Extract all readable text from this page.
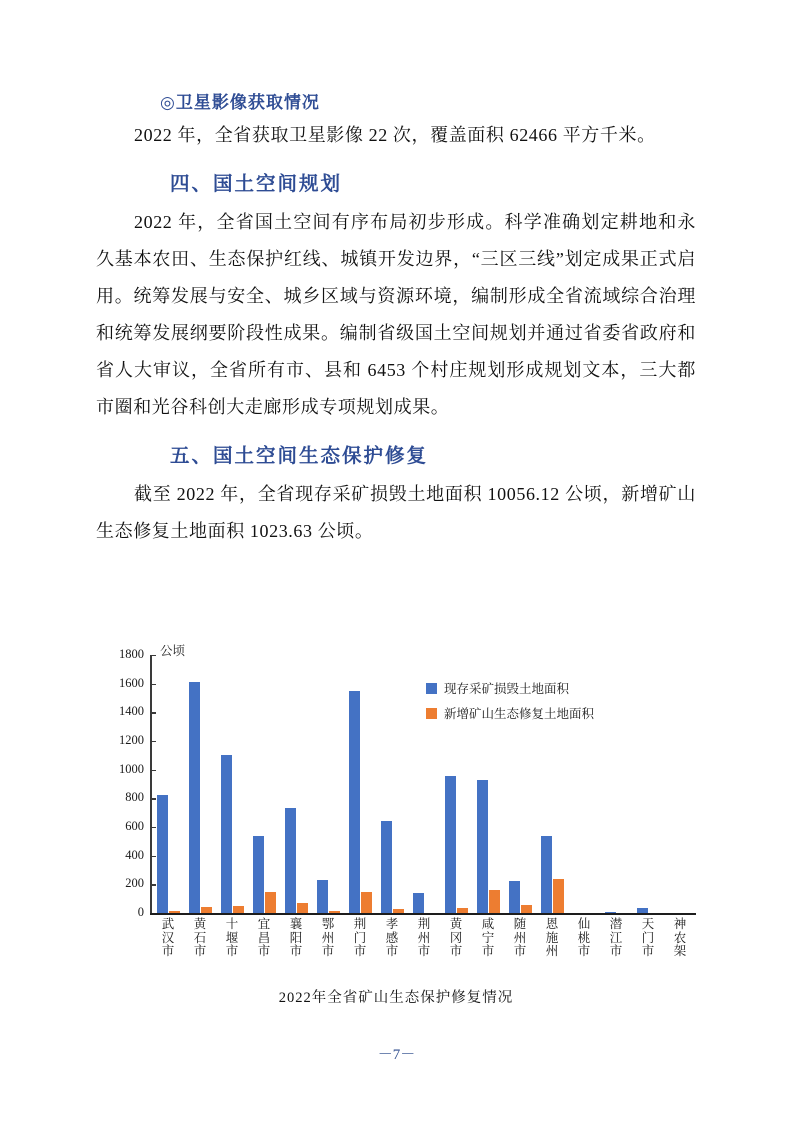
◎卫星影像获取情况

2022 年，全省获取卫星影像 22 次，覆盖面积 62466 平方千米。

四、国土空间规划

2022 年，全省国土空间有序布局初步形成。科学准确划定耕地和永久基本农田、生态保护红线、城镇开发边界，“三区三线”划定成果正式启用。统筹发展与安全、城乡区域与资源环境，编制形成全省流域综合治理和统筹发展纲要阶段性成果。编制省级国土空间规划并通过省委省政府和省人大审议，全省所有市、县和 6453 个村庄规划形成规划文本，三大都市圈和光谷科创大走廊形成专项规划成果。

五、国土空间生态保护修复

截至 2022 年，全省现存采矿损毁土地面积 10056.12 公顷，新增矿山生态修复土地面积 1023.63 公顷。

公顷
0
200
400
600
800
1000
1200
1400
1600
1800
现存采矿损毁土地面积
新增矿山生态修复土地面积
武
汉
市
黄
石
市
十
堰
市
宜
昌
市
襄
阳
市
鄂
州
市
荆
门
市
孝
感
市
荆
州
市
黄
冈
市
咸
宁
市
随
州
市
恩
施
州
仙
桃
市
潜
江
市
天
门
市
神
农
架
2022年全省矿山生态保护修复情况
－7－
